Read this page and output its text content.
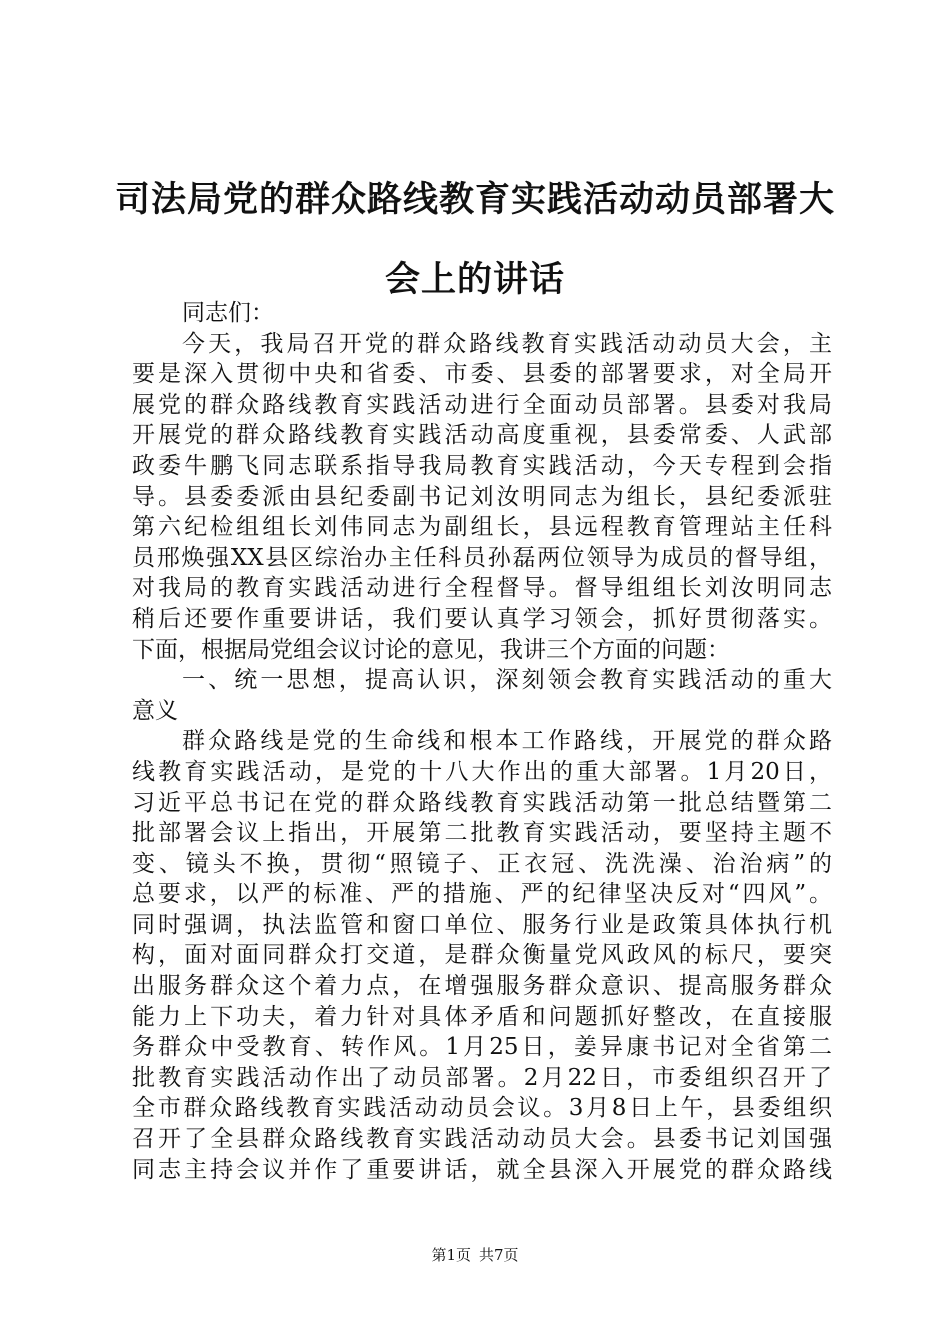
司法局党的群众路线教育实践活动动员部署大
会上的讲话
同志们：
今天，我局召开党的群众路线教育实践活动动员大会，主
要是深入贯彻中央和省委、市委、县委的部署要求，对全局开
展党的群众路线教育实践活动进行全面动员部署。县委对我局
开展党的群众路线教育实践活动高度重视，县委常委、人武部
政委牛鹏飞同志联系指导我局教育实践活动，今天专程到会指
导。县委委派由县纪委副书记刘汝明同志为组长，县纪委派驻
第六纪检组组长刘伟同志为副组长，县远程教育管理站主任科
员邢焕强XX县区综治办主任科员孙磊两位领导为成员的督导组，
对我局的教育实践活动进行全程督导。督导组组长刘汝明同志
稍后还要作重要讲话，我们要认真学习领会，抓好贯彻落实。
下面，根据局党组会议讨论的意见，我讲三个方面的问题：
一、统一思想，提高认识，深刻领会教育实践活动的重大
意义
群众路线是党的生命线和根本工作路线，开展党的群众路
线教育实践活动，是党的十八大作出的重大部署。1月20日，
习近平总书记在党的群众路线教育实践活动第一批总结暨第二
批部署会议上指出，开展第二批教育实践活动，要坚持主题不
变、镜头不换，贯彻“照镜子、正衣冠、洗洗澡、治治病”的
总要求，以严的标准、严的措施、严的纪律坚决反对“四风”。
同时强调，执法监管和窗口单位、服务行业是政策具体执行机
构，面对面同群众打交道，是群众衡量党风政风的标尺，要突
出服务群众这个着力点，在增强服务群众意识、提高服务群众
能力上下功夫，着力针对具体矛盾和问题抓好整改，在直接服
务群众中受教育、转作风。1月25日，姜异康书记对全省第二
批教育实践活动作出了动员部署。2月22日，市委组织召开了
全市群众路线教育实践活动动员会议。3月8日上午，县委组织
召开了全县群众路线教育实践活动动员大会。县委书记刘国强
同志主持会议并作了重要讲话，就全县深入开展党的群众路线
第1页 共7页
